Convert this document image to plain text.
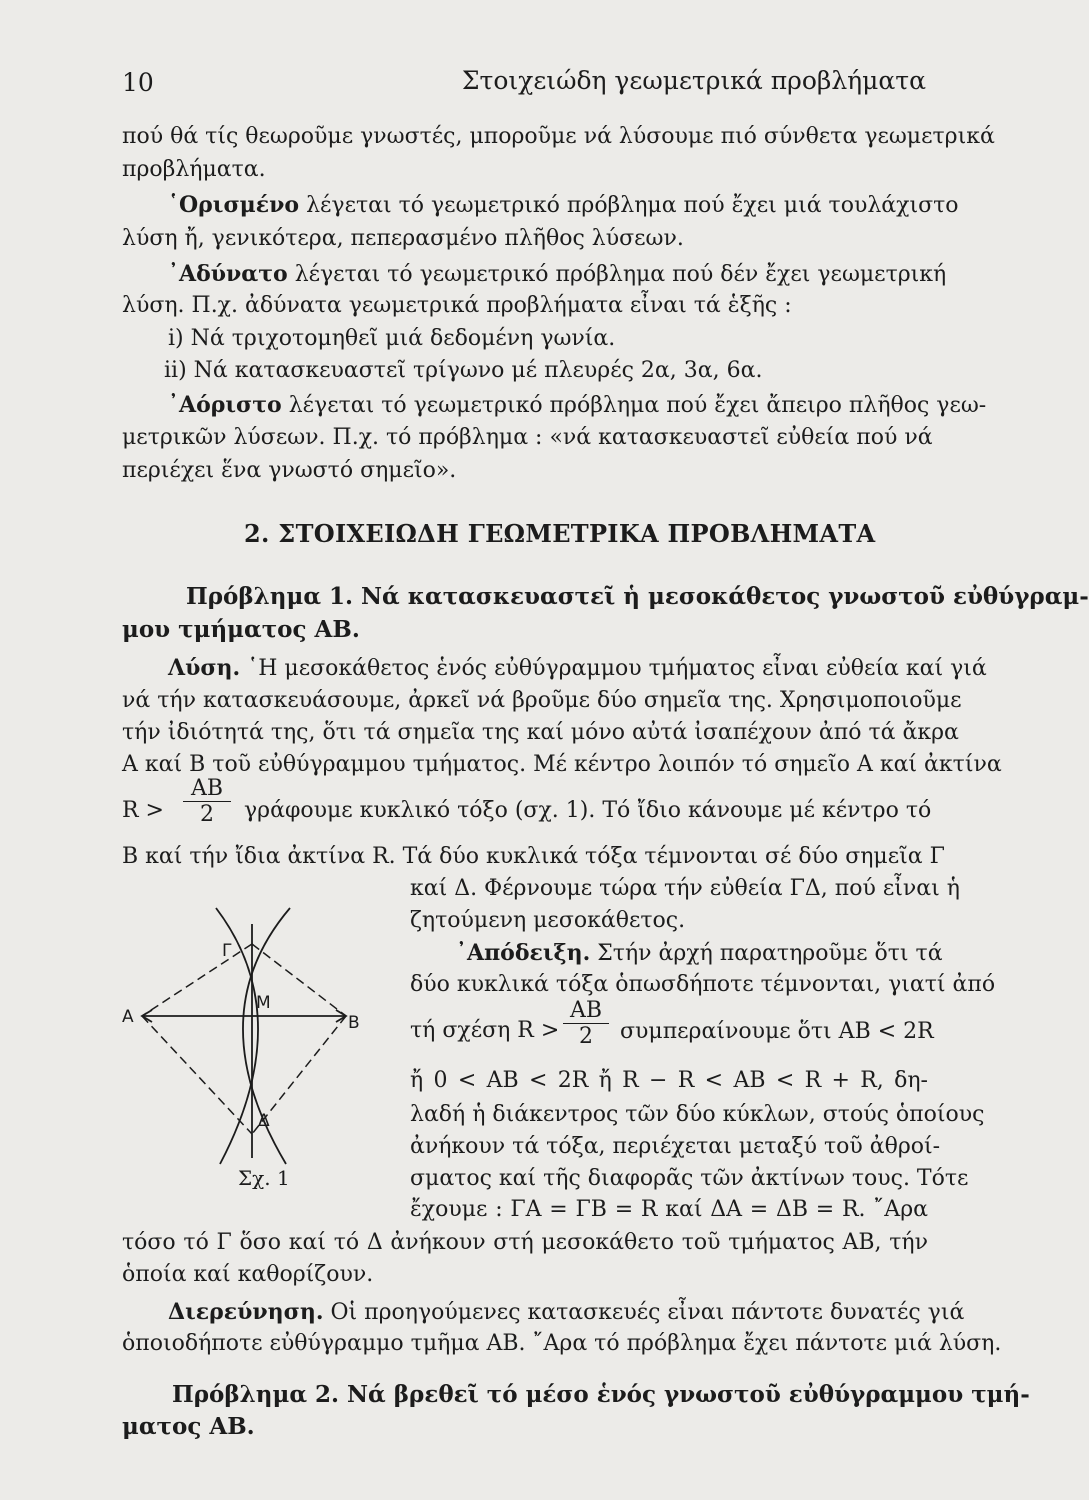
10	Στοιχειώδη γεωμετρικά προβλήματα
πού θά τίς θεωροῦμε γνωστές, μποροῦμε νά λύσουμε πιό σύνθετα γεωμετρικά
προβλήματα.
῾Ορισμένο λέγεται τό γεωμετρικό πρόβλημα πού ἔχει μιά τουλάχιστο
λύση ἤ, γενικότερα, πεπερασμένο πλῆθος λύσεων.
᾿Αδύνατο λέγεται τό γεωμετρικό πρόβλημα πού δέν ἔχει γεωμετρική
λύση. Π.χ. ἀδύνατα γεωμετρικά προβλήματα εἶναι τά ἑξῆς :
i) Νά τριχοτομηθεῖ μιά δεδομένη γωνία.
ii) Νά κατασκευαστεῖ τρίγωνο μέ πλευρές 2α, 3α, 6α.
᾿Αόριστο λέγεται τό γεωμετρικό πρόβλημα πού ἔχει ἄπειρο πλῆθος γεω-
μετρικῶν λύσεων. Π.χ. τό πρόβλημα : «νά κατασκευαστεῖ εὐθεία πού νά
περιέχει ἕνα γνωστό σημεῖο».
2. ΣΤΟΙΧΕΙΩΔΗ ΓΕΩΜΕΤΡΙΚΑ ΠΡΟΒΛΗΜΑΤΑ
Πρόβλημα 1. Νά κατασκευαστεῖ ἡ μεσοκάθετος γνωστοῦ εὐθύγραμ-
μου τμήματος ΑΒ.
Λύση. ῾Η μεσοκάθετος ἑνός εὐθύγραμμου τμήματος εἶναι εὐθεία καί γιά
νά τήν κατασκευάσουμε, ἀρκεῖ νά βροῦμε δύο σημεῖα της. Χρησιμοποιοῦμε
τήν ἰδιότητά της, ὅτι τά σημεῖα της καί μόνο αὐτά ἰσαπέχουν ἀπό τά ἄκρα
Α καί Β τοῦ εὐθύγραμμου τμήματος. Μέ κέντρο λοιπόν τό σημεῖο Α καί ἀκτίνα
R >
AB
2	γράφουμε κυκλικό τόξο (σχ. 1). Τό ἴδιο κάνουμε μέ κέντρο τό
Β καί τήν ἴδια ἀκτίνα R. Τά δύο κυκλικά τόξα τέμνονται σέ δύο σημεῖα Γ
καί Δ. Φέρνουμε τώρα τήν εὐθεία ΓΔ, πού εἶναι ἡ
ζητούμενη μεσοκάθετος.
᾿Απόδειξη. Στήν ἀρχή παρατηροῦμε ὅτι τά
δύο κυκλικά τόξα ὁπωσδήποτε τέμνονται, γιατί ἀπό
τή σχέση R >
AB
2	συμπεραίνουμε ὅτι AB < 2R
ἤ 0 < AB < 2R ἤ R − R < AB < R + R, δη-
λαδή ἡ διάκεντρος τῶν δύο κύκλων, στούς ὁποίους
ἀνήκουν τά τόξα, περιέχεται μεταξύ τοῦ ἀθροί-
σματος καί τῆς διαφορᾶς τῶν ἀκτίνων τους. Τότε
ἔχουμε : ΓΑ = ΓΒ = R καί ΔΑ = ΔΒ = R. ῎Αρα
τόσο τό Γ ὅσο καί τό Δ ἀνήκουν στή μεσοκάθετο τοῦ τμήματος ΑΒ, τήν
ὁποία καί καθορίζουν.
Διερεύνηση. Οἱ προηγούμενες κατασκευές εἶναι πάντοτε δυνατές γιά
ὁποιοδήποτε εὐθύγραμμο τμῆμα ΑΒ. ῎Αρα τό πρόβλημα ἔχει πάντοτε μιά λύση.
Πρόβλημα 2. Νά βρεθεῖ τό μέσο ἑνός γνωστοῦ εὐθύγραμμου τμή-
ματος ΑΒ.
Γ
Α	Β
Μ
Δ
Σχ. 1
